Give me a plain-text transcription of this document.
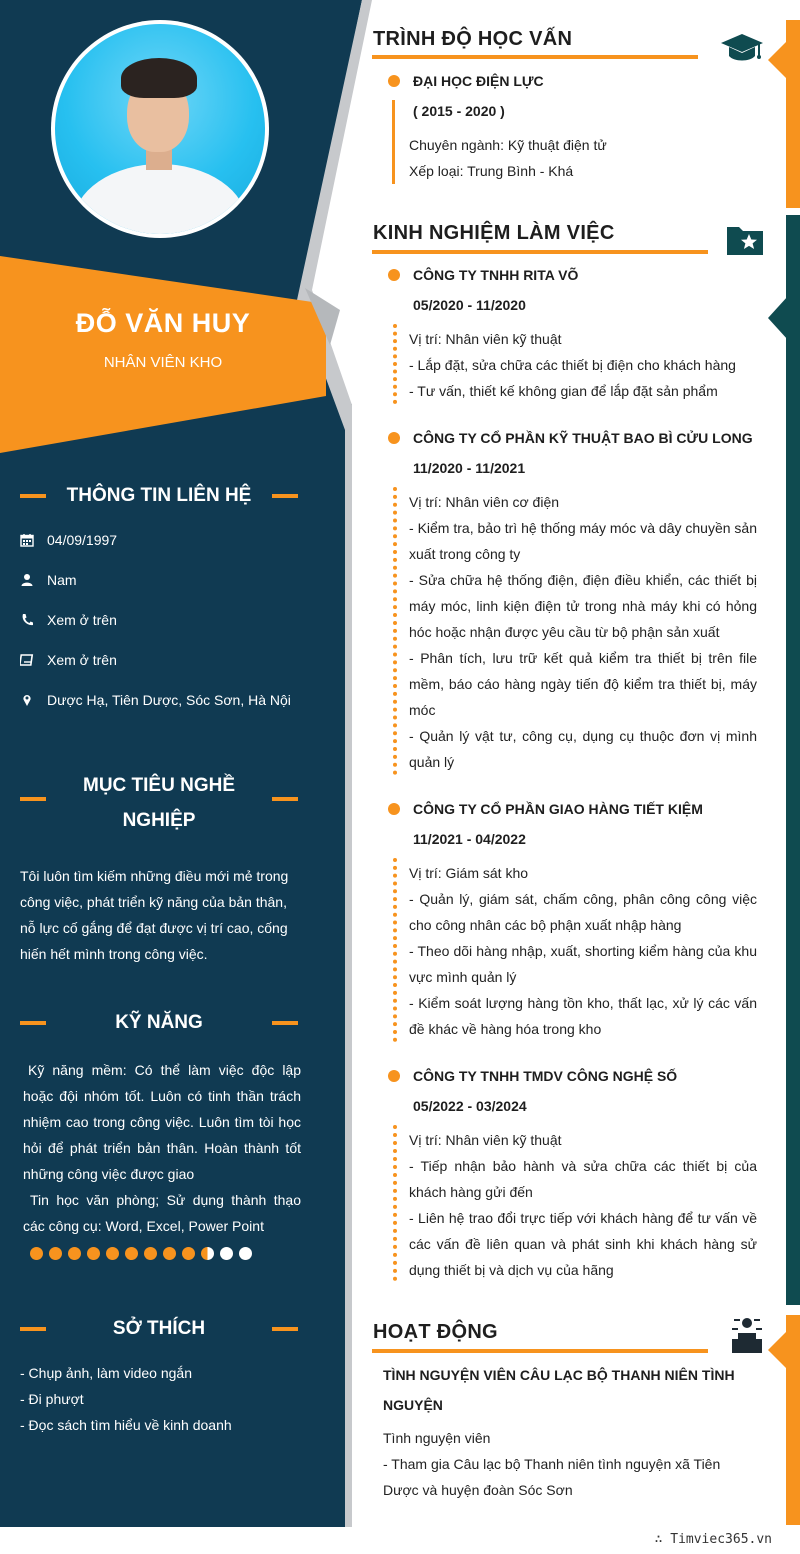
ĐỖ VĂN HUY
NHÂN VIÊN KHO
THÔNG TIN LIÊN HỆ
04/09/1997
Nam
Xem ở trên
Xem ở trên
Dược Hạ, Tiên Dược, Sóc Sơn, Hà Nội
MỤC TIÊU NGHỀ
NGHIỆP
Tôi luôn tìm kiếm những điều mới mẻ trong công việc, phát triển kỹ năng của bản thân, nỗ lực cố gắng để đạt được vị trí cao, cống hiến hết mình trong công việc.
KỸ NĂNG
Kỹ năng mềm: Có thể làm việc độc lập hoặc đội nhóm tốt. Luôn có tinh thần trách nhiệm cao trong công việc. Luôn tìm tòi học hỏi để phát triển bản thân. Hoàn thành tốt những công việc được giao
Tin học văn phòng; Sử dụng thành thạo các công cụ: Word, Excel, Power Point
SỞ THÍCH
- Chụp ảnh, làm video ngắn
- Đi phượt
- Đọc sách tìm hiểu về kinh doanh
TRÌNH ĐỘ HỌC VẤN
ĐẠI HỌC ĐIỆN LỰC
( 2015 - 2020 )
Chuyên ngành: Kỹ thuật điện tử
Xếp loại: Trung Bình - Khá
KINH NGHIỆM LÀM VIỆC
CÔNG TY TNHH RITA VÕ
05/2020 - 11/2020
Vị trí: Nhân viên kỹ thuật
- Lắp đặt, sửa chữa các thiết bị điện cho khách hàng
- Tư vấn, thiết kế không gian để lắp đặt sản phẩm
CÔNG TY CỔ PHẦN KỸ THUẬT BAO BÌ CỬU LONG
11/2020 - 11/2021
Vị trí: Nhân viên cơ điện
- Kiểm tra, bảo trì hệ thống máy móc và dây chuyền sản xuất trong công ty
- Sửa chữa hệ thống điện, điện điều khiển, các thiết bị máy móc, linh kiện điện tử trong nhà máy khi có hỏng hóc hoặc nhận được yêu cầu từ bộ phận sản xuất
- Phân tích, lưu trữ kết quả kiểm tra thiết bị trên file mềm, báo cáo hàng ngày tiến độ kiểm tra thiết bị, máy móc
- Quản lý vật tư, công cụ, dụng cụ thuộc đơn vị mình quản lý
CÔNG TY CỔ PHẦN GIAO HÀNG TIẾT KIỆM
11/2021 - 04/2022
Vị trí: Giám sát kho
- Quản lý, giám sát, chấm công, phân công công việc cho công nhân các bộ phận xuất nhập hàng
- Theo dõi hàng nhập, xuất, shorting kiểm hàng của khu vực mình quản lý
- Kiểm soát lượng hàng tồn kho, thất lạc, xử lý các vấn đề khác về hàng hóa trong kho
CÔNG TY TNHH TMDV CÔNG NGHỆ SỐ
05/2022 - 03/2024
Vị trí: Nhân viên kỹ thuật
- Tiếp nhận bảo hành và sửa chữa các thiết bị của khách hàng gửi đến
- Liên hệ trao đổi trực tiếp với khách hàng để tư vấn về các vấn đề liên quan và phát sinh khi khách hàng sử dụng thiết bị và dịch vụ của hãng
HOẠT ĐỘNG
TÌNH NGUYỆN VIÊN CÂU LẠC BỘ THANH NIÊN TÌNH NGUYỆN
Tình nguyện viên
- Tham gia Câu lạc bộ Thanh niên tình nguyện xã Tiên Dược và huyện đoàn Sóc Sơn
∴ Timviec365.vn
